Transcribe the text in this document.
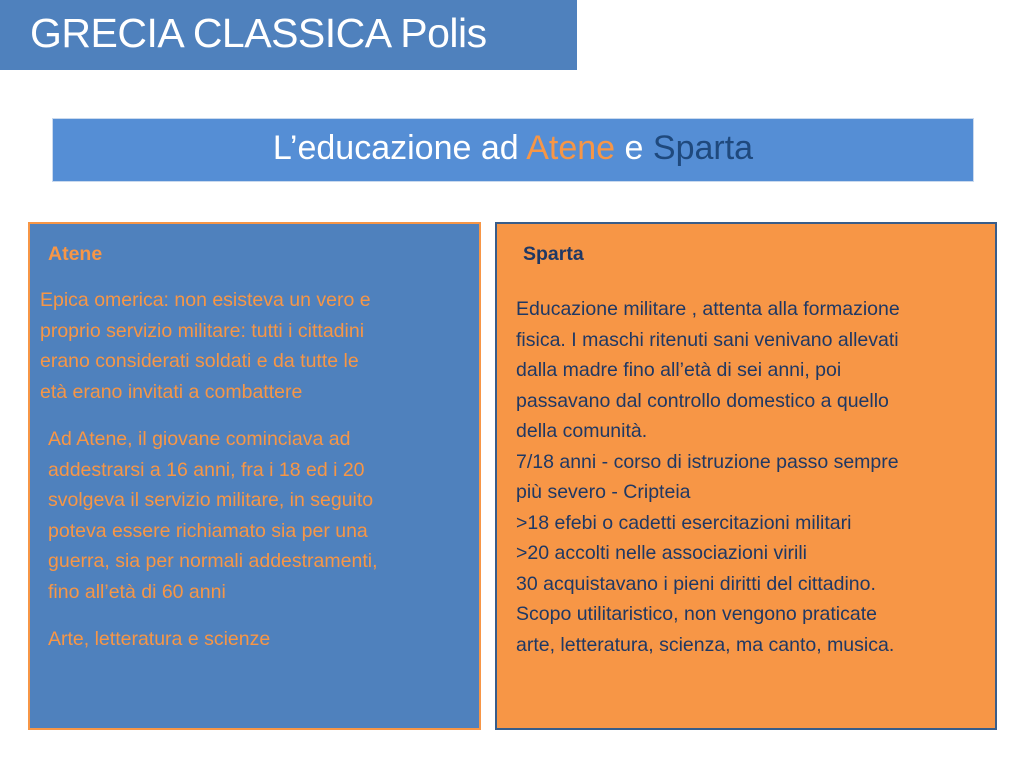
GRECIA CLASSICA Polis
L’educazione ad Atene e Sparta
Atene
Epica omerica: non esisteva un vero e
proprio servizio militare: tutti i cittadini
erano considerati soldati e da tutte le
età erano invitati a combattere
Ad Atene, il giovane cominciava ad
addestrarsi a 16 anni, fra i 18 ed i 20
svolgeva il servizio militare, in seguito
poteva essere richiamato sia per una
guerra, sia per normali addestramenti,
fino all’età di 60 anni
Arte, letteratura e scienze
Sparta
Educazione militare , attenta alla formazione
fisica. I maschi ritenuti sani venivano allevati
dalla madre fino all’età di sei anni, poi
passavano dal controllo domestico a quello
della comunità.
7/18 anni - corso di istruzione passo sempre
più severo - Cripteia
>18 efebi o cadetti esercitazioni militari
>20 accolti nelle associazioni virili
30 acquistavano i pieni diritti del cittadino.
Scopo utilitaristico, non vengono praticate
arte, letteratura, scienza, ma canto, musica.
